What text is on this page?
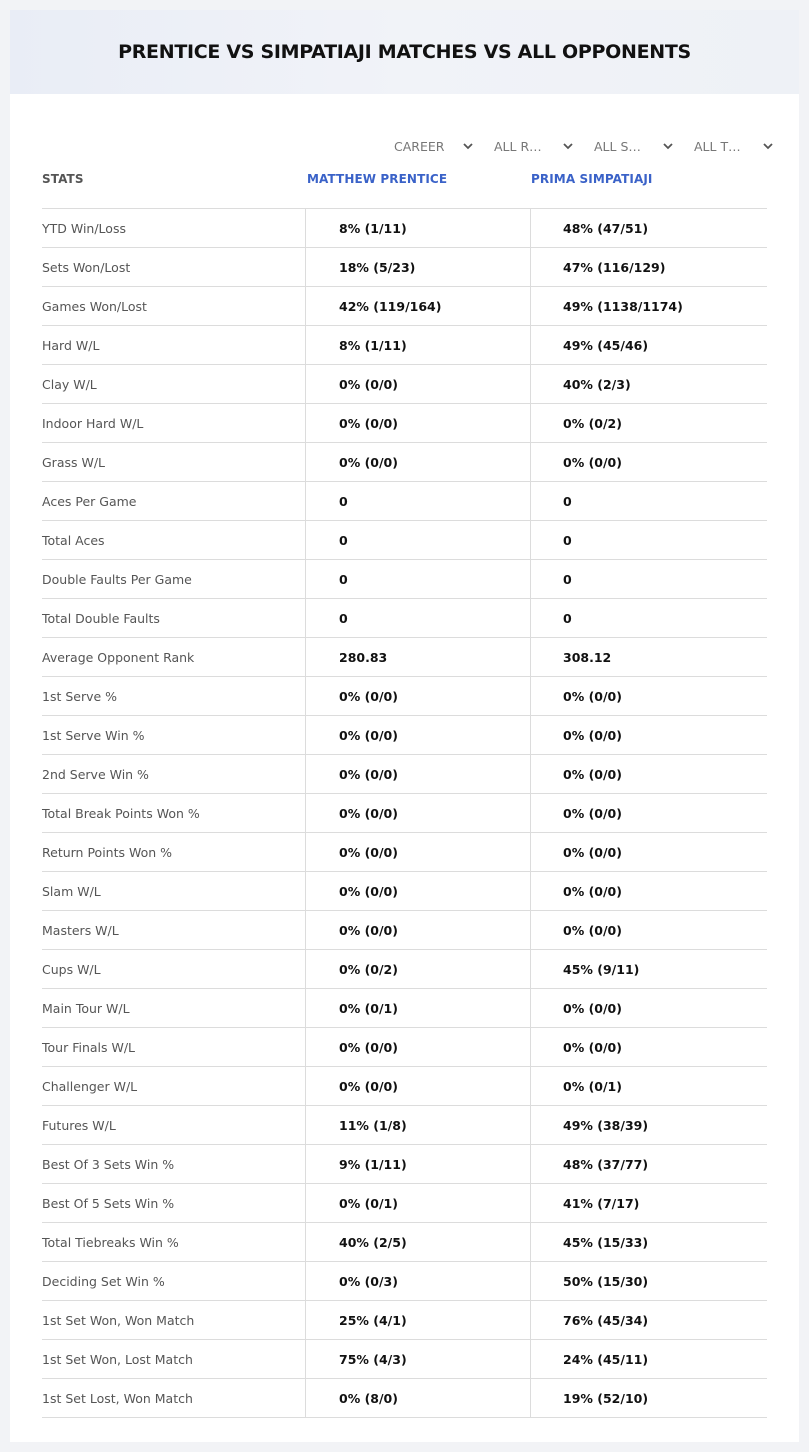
PRENTICE VS SIMPATIAJI MATCHES VS ALL OPPONENTS
CAREER	ALL R…	ALL S…	ALL T…
STATS	MATTHEW PRENTICE	PRIMA SIMPATIAJI
YTD Win/Loss	8% (1/11)	48% (47/51)
Sets Won/Lost	18% (5/23)	47% (116/129)
Games Won/Lost	42% (119/164)	49% (1138/1174)
Hard W/L	8% (1/11)	49% (45/46)
Clay W/L	0% (0/0)	40% (2/3)
Indoor Hard W/L	0% (0/0)	0% (0/2)
Grass W/L	0% (0/0)	0% (0/0)
Aces Per Game	0	0
Total Aces	0	0
Double Faults Per Game	0	0
Total Double Faults	0	0
Average Opponent Rank	280.83	308.12
1st Serve %	0% (0/0)	0% (0/0)
1st Serve Win %	0% (0/0)	0% (0/0)
2nd Serve Win %	0% (0/0)	0% (0/0)
Total Break Points Won %	0% (0/0)	0% (0/0)
Return Points Won %	0% (0/0)	0% (0/0)
Slam W/L	0% (0/0)	0% (0/0)
Masters W/L	0% (0/0)	0% (0/0)
Cups W/L	0% (0/2)	45% (9/11)
Main Tour W/L	0% (0/1)	0% (0/0)
Tour Finals W/L	0% (0/0)	0% (0/0)
Challenger W/L	0% (0/0)	0% (0/1)
Futures W/L	11% (1/8)	49% (38/39)
Best Of 3 Sets Win %	9% (1/11)	48% (37/77)
Best Of 5 Sets Win %	0% (0/1)	41% (7/17)
Total Tiebreaks Win %	40% (2/5)	45% (15/33)
Deciding Set Win %	0% (0/3)	50% (15/30)
1st Set Won, Won Match	25% (4/1)	76% (45/34)
1st Set Won, Lost Match	75% (4/3)	24% (45/11)
1st Set Lost, Won Match	0% (8/0)	19% (52/10)
